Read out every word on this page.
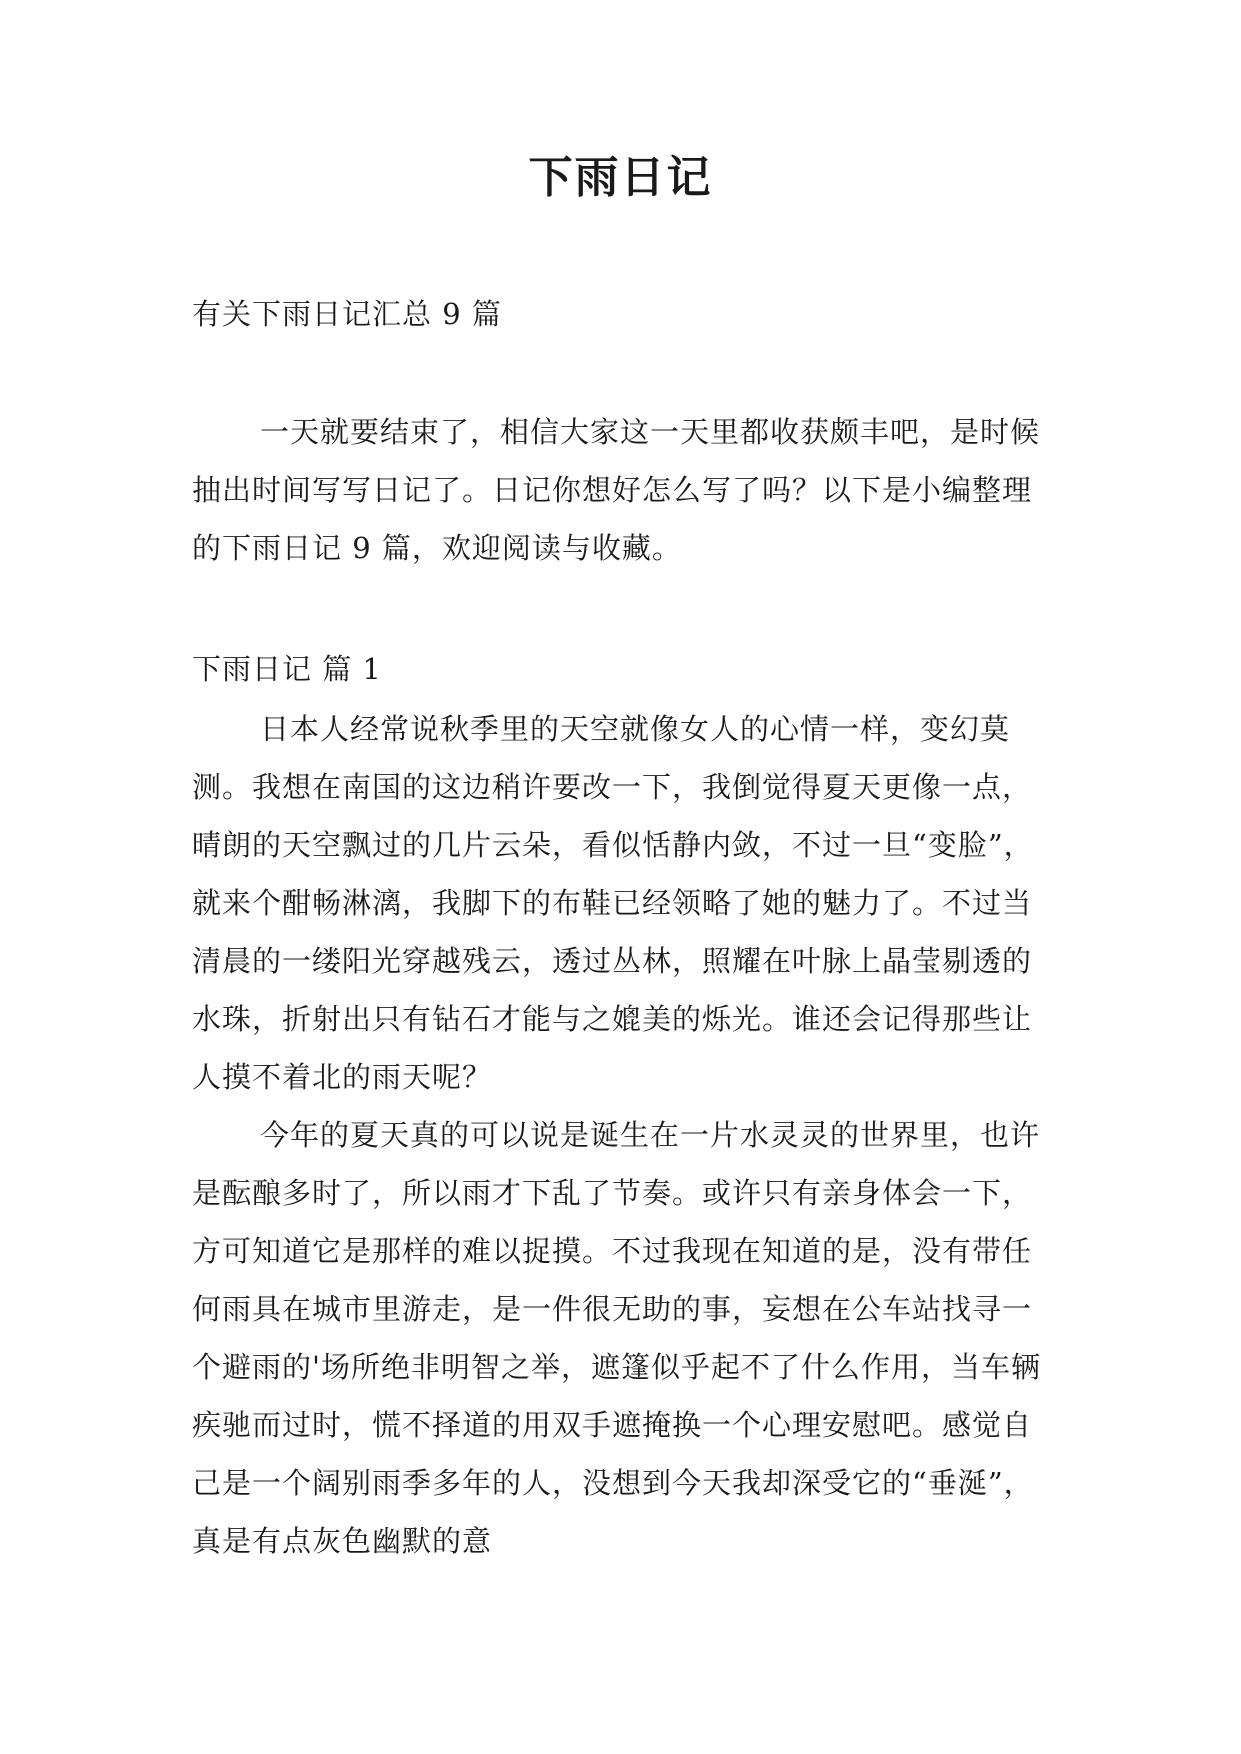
下雨日记

有关下雨日记汇总 9 篇

一天就要结束了，相信大家这一天里都收获颇丰吧，是时候抽出时间写写日记了。日记你想好怎么写了吗？以下是小编整理的下雨日记 9 篇，欢迎阅读与收藏。

下雨日记 篇 1

日本人经常说秋季里的天空就像女人的心情一样，变幻莫测。我想在南国的这边稍许要改一下，我倒觉得夏天更像一点，晴朗的天空飘过的几片云朵，看似恬静内敛，不过一旦“变脸”，就来个酣畅淋漓，我脚下的布鞋已经领略了她的魅力了。不过当清晨的一缕阳光穿越残云，透过丛林，照耀在叶脉上晶莹剔透的水珠，折射出只有钻石才能与之媲美的烁光。谁还会记得那些让人摸不着北的雨天呢？

今年的夏天真的可以说是诞生在一片水灵灵的世界里，也许是酝酿多时了，所以雨才下乱了节奏。或许只有亲身体会一下，方可知道它是那样的难以捉摸。不过我现在知道的是，没有带任何雨具在城市里游走，是一件很无助的事，妄想在公车站找寻一个避雨的'场所绝非明智之举，遮篷似乎起不了什么作用，当车辆疾驰而过时，慌不择道的用双手遮掩换一个心理安慰吧。感觉自己是一个阔别雨季多年的人，没想到今天我却深受它的“垂涎”，真是有点灰色幽默的意
